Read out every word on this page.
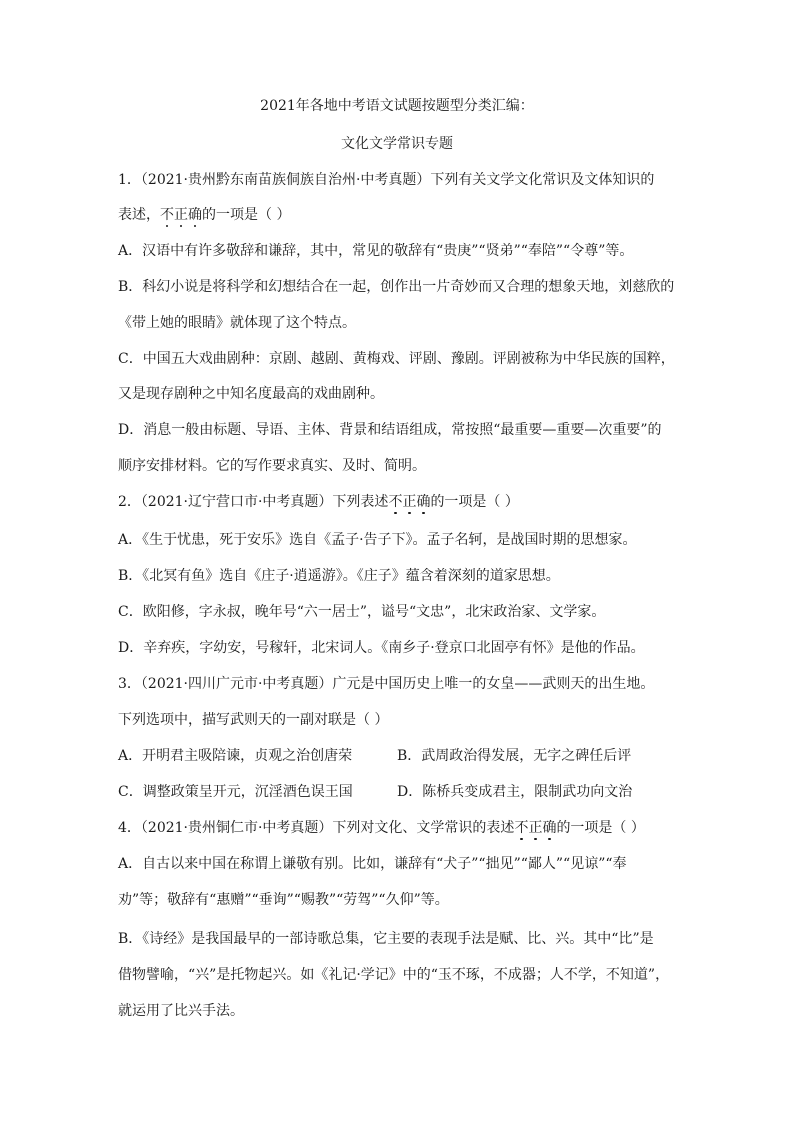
2021年各地中考语文试题按题型分类汇编：
文化文学常识专题
1．（2021·贵州黔东南苗族侗族自治州·中考真题）下列有关文学文化常识及文体知识的
表述，不正确的一项是（ ）
A．汉语中有许多敬辞和谦辞，其中，常见的敬辞有“贵庚”“贤弟”“奉陪”“令尊”等。
B．科幻小说是将科学和幻想结合在一起，创作出一片奇妙而又合理的想象天地，刘慈欣的
《带上她的眼睛》就体现了这个特点。
C．中国五大戏曲剧种：京剧、越剧、黄梅戏、评剧、豫剧。评剧被称为中华民族的国粹，
又是现存剧种之中知名度最高的戏曲剧种。
D．消息一般由标题、导语、主体、背景和结语组成，常按照“最重要—重要—次重要”的
顺序安排材料。它的写作要求真实、及时、简明。
2．（2021·辽宁营口市·中考真题）下列表述不正确的一项是（ ）
A．《生于忧患，死于安乐》选自《孟子·告子下》。孟子名轲，是战国时期的思想家。
B．《北冥有鱼》选自《庄子·逍遥游》。《庄子》蕴含着深刻的道家思想。
C．欧阳修，字永叔，晚年号“六一居士”，谥号“文忠”，北宋政治家、文学家。
D．辛弃疾，字幼安，号稼轩，北宋词人。《南乡子·登京口北固亭有怀》是他的作品。
3．（2021·四川广元市·中考真题）广元是中国历史上唯一的女皇——武则天的出生地。
下列选项中，描写武则天的一副对联是（ ）
A．开明君主吸陪谏，贞观之治创唐荣	B．武周政治得发展，无字之碑任后评
C．调整政策呈开元，沉淫酒色误王国	D．陈桥兵变成君主，限制武功向文治
4．（2021·贵州铜仁市·中考真题）下列对文化、文学常识的表述不正确的一项是（ ）
A．自古以来中国在称谓上谦敬有别。比如，谦辞有“犬子”“拙见”“鄙人”“见谅”“奉
劝”等；敬辞有“惠赠”“垂询”“赐教”“劳驾”“久仰”等。
B．《诗经》是我国最早的一部诗歌总集，它主要的表现手法是赋、比、兴。其中“比”是
借物譬喻，“兴”是托物起兴。如《礼记·学记》中的“玉不琢，不成器；人不学，不知道”，
就运用了比兴手法。
